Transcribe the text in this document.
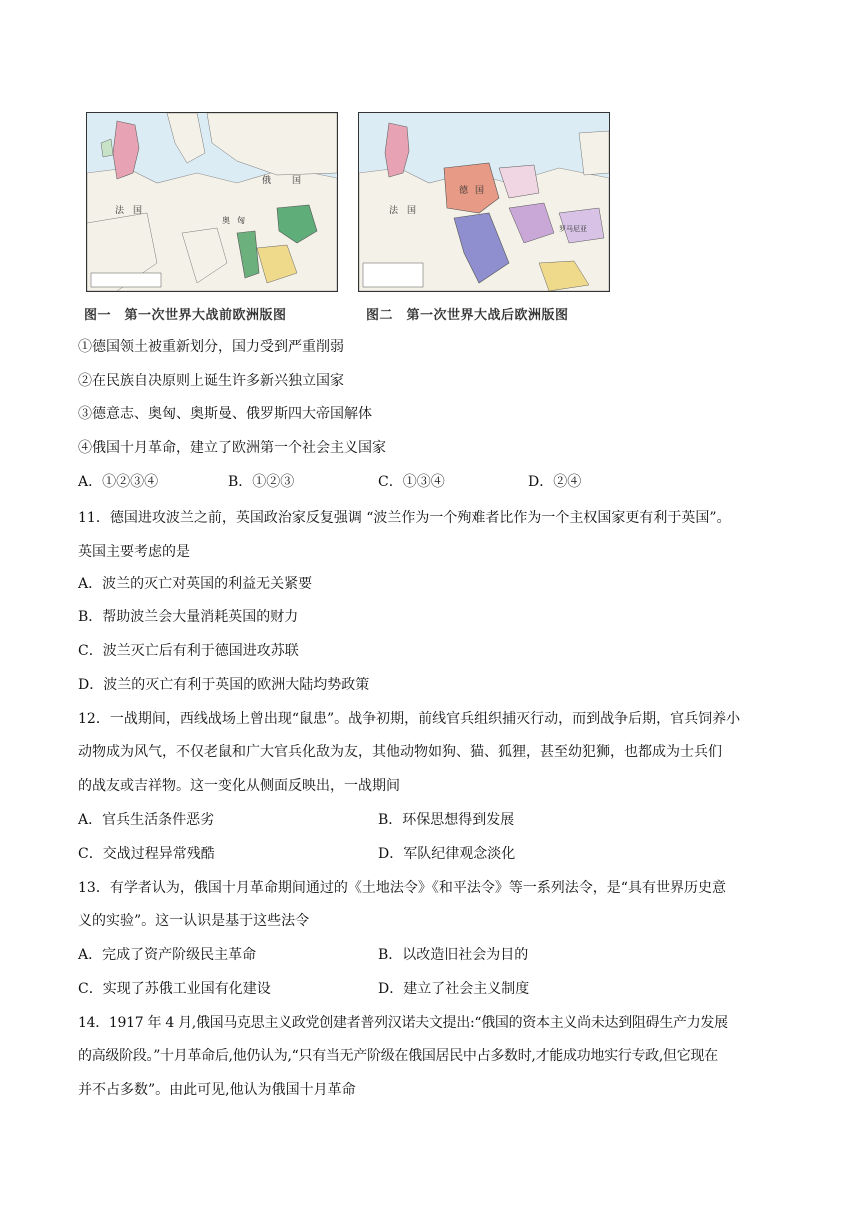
法 国
俄 国
奥 匈
法 国
德 国
罗马尼亚
图一　第一次世界大战前欧洲版图	图二　第一次世界大战后欧洲版图
①德国领土被重新划分，国力受到严重削弱
②在民族自决原则上诞生许多新兴独立国家
③德意志、奥匈、奥斯曼、俄罗斯四大帝国解体
④俄国十月革命，建立了欧洲第一个社会主义国家
A．①②③④	B．①②③	C．①③④	D．②④
11．德国进攻波兰之前，英国政治家反复强调 “波兰作为一个殉难者比作为一个主权国家更有利于英国”。
英国主要考虑的是
A．波兰的灭亡对英国的利益无关紧要
B．帮助波兰会大量消耗英国的财力
C．波兰灭亡后有利于德国进攻苏联
D．波兰的灭亡有利于英国的欧洲大陆均势政策
12．一战期间，西线战场上曾出现“鼠患”。战争初期，前线官兵组织捕灭行动，而到战争后期，官兵饲养小
动物成为风气，不仅老鼠和广大官兵化敌为友，其他动物如狗、猫、狐狸，甚至幼犯狮，也都成为士兵们
的战友或吉祥物。这一变化从侧面反映出，一战期间
A．官兵生活条件恶劣	B．环保思想得到发展
C．交战过程异常残酷	D．军队纪律观念淡化
13．有学者认为，俄国十月革命期间通过的《土地法令》《和平法令》等一系列法令，是“具有世界历史意
义的实验”。这一认识是基于这些法令
A．完成了资产阶级民主革命	B．以改造旧社会为目的
C．实现了苏俄工业国有化建设	D．建立了社会主义制度
14．1917 年 4 月,俄国马克思主义政党创建者普列汉诺夫文提出:“俄国的资本主义尚未达到阻碍生产力发展
的高级阶段。”十月革命后,他仍认为,“只有当无产阶级在俄国居民中占多数时,才能成功地实行专政,但它现在
并不占多数”。由此可见,他认为俄国十月革命
